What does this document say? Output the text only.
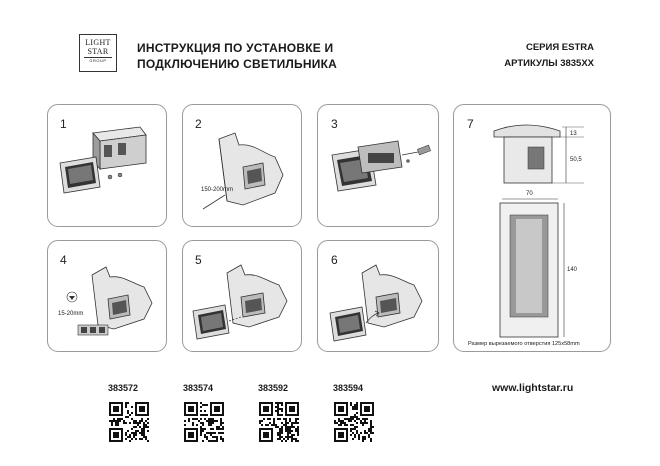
LIGHT
STAR
GROUP
ИНСТРУКЦИЯ ПО УСТАНОВКЕ И
ПОДКЛЮЧЕНИЮ СВЕТИЛЬНИКА
СЕРИЯ ESTRA
АРТИКУЛЫ 3835XX
1	2
150-200mm
3	7
13
50,5
70
140
Размер вырезаемого отверстия 125x58mm
4
15-20mm
5	6
383572	383574	383592	383594	www.lightstar.ru
